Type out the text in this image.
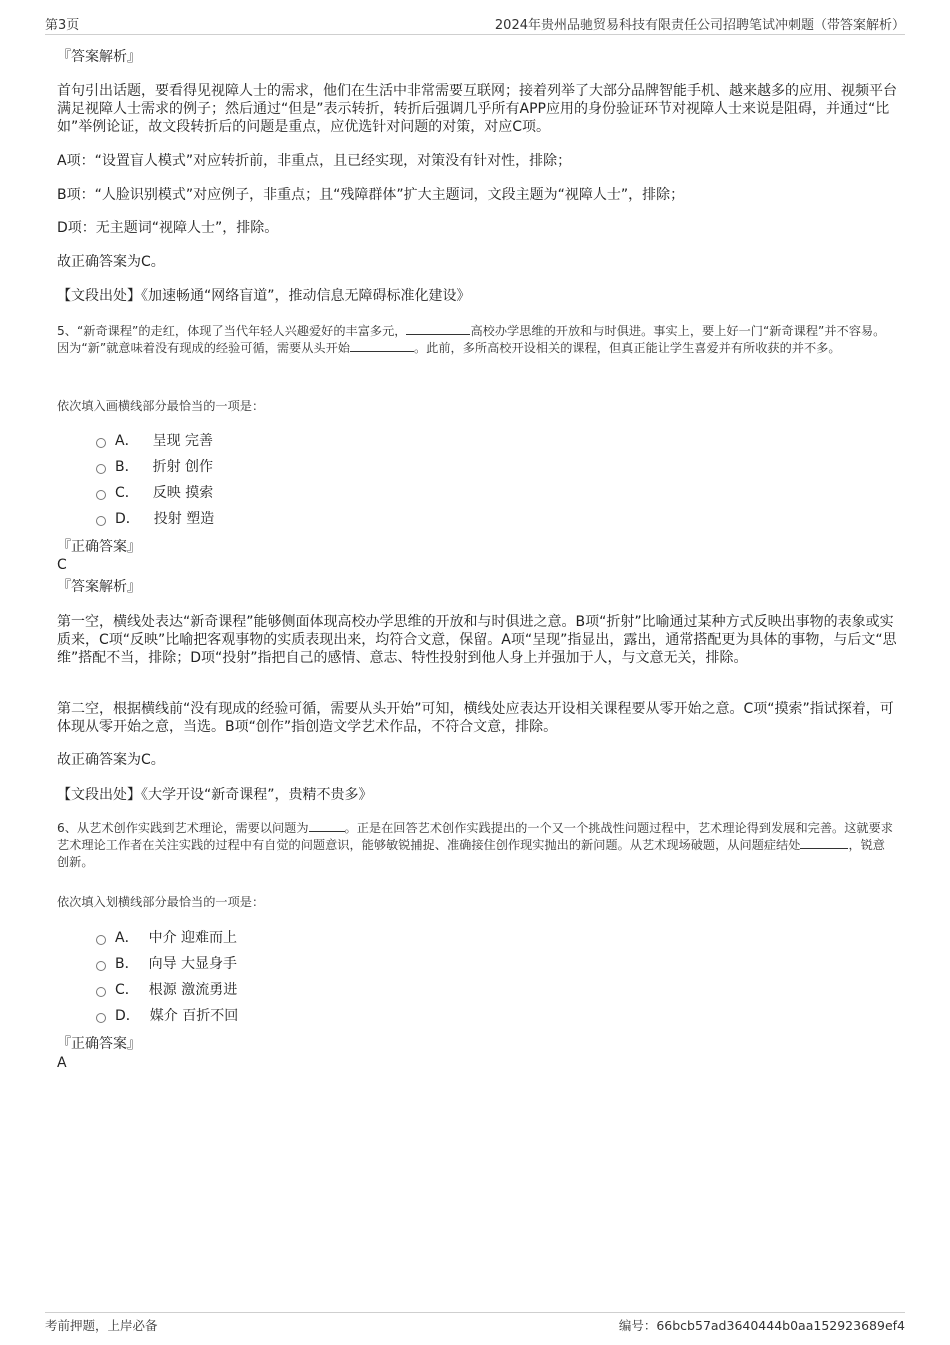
第3页	2024年贵州品驰贸易科技有限责任公司招聘笔试冲刺题（带答案解析）
『答案解析』

首句引出话题，要看得见视障人士的需求，他们在生活中非常需要互联网；接着列举了大部分品牌智能手机、越来越多的应用、视频平台满足视障人士需求的例子；然后通过“但是”表示转折，转折后强调几乎所有APP应用的身份验证环节对视障人士来说是阻碍，并通过“比如”举例论证，故文段转折后的问题是重点，应优选针对问题的对策，对应C项。

A项：“设置盲人模式”对应转折前，非重点，且已经实现，对策没有针对性，排除；

B项：“人脸识别模式”对应例子，非重点；且“残障群体”扩大主题词，文段主题为“视障人士”，排除；

D项：无主题词“视障人士”，排除。

故正确答案为C。

【文段出处】《加速畅通“网络盲道”，推动信息无障碍标准化建设》

5、“新奇课程”的走红，体现了当代年轻人兴趣爱好的丰富多元，	高校办学思维的开放和与时俱进。事实上，要上好一门“新奇课程”并不容易。因为“新”就意味着没有现成的经验可循，需要从头开始	。此前，多所高校开设相关的课程，但真正能让学生喜爱并有所收获的并不多。

依次填入画横线部分最恰当的一项是：

A． 呈现 完善
B． 折射 创作
C． 反映 摸索
D． 投射 塑造
『正确答案』
C
『答案解析』

第一空，横线处表达“新奇课程”能够侧面体现高校办学思维的开放和与时俱进之意。B项“折射”比喻通过某种方式反映出事物的表象或实质来，C项“反映”比喻把客观事物的实质表现出来，均符合文意，保留。A项“呈现”指显出，露出，通常搭配更为具体的事物，与后文“思维”搭配不当，排除；D项“投射”指把自己的感情、意志、特性投射到他人身上并强加于人，与文意无关，排除。

第二空，根据横线前“没有现成的经验可循，需要从头开始”可知，横线处应表达开设相关课程要从零开始之意。C项“摸索”指试探着，可体现从零开始之意，当选。B项“创作”指创造文学艺术作品，不符合文意，排除。

故正确答案为C。

【文段出处】《大学开设“新奇课程”，贵精不贵多》

6、从艺术创作实践到艺术理论，需要以问题为	。正是在回答艺术创作实践提出的一个又一个挑战性问题过程中，艺术理论得到发展和完善。这就要求艺术理论工作者在关注实践的过程中有自觉的问题意识，能够敏锐捕捉、准确接住创作现实抛出的新问题。从艺术现场破题，从问题症结处	，锐意创新。

依次填入划横线部分最恰当的一项是：

A． 中介 迎难而上
B． 向导 大显身手
C． 根源 激流勇进
D． 媒介 百折不回
『正确答案』
A
考前押题，上岸必备	编号：66bcb57ad3640444b0aa152923689ef4
